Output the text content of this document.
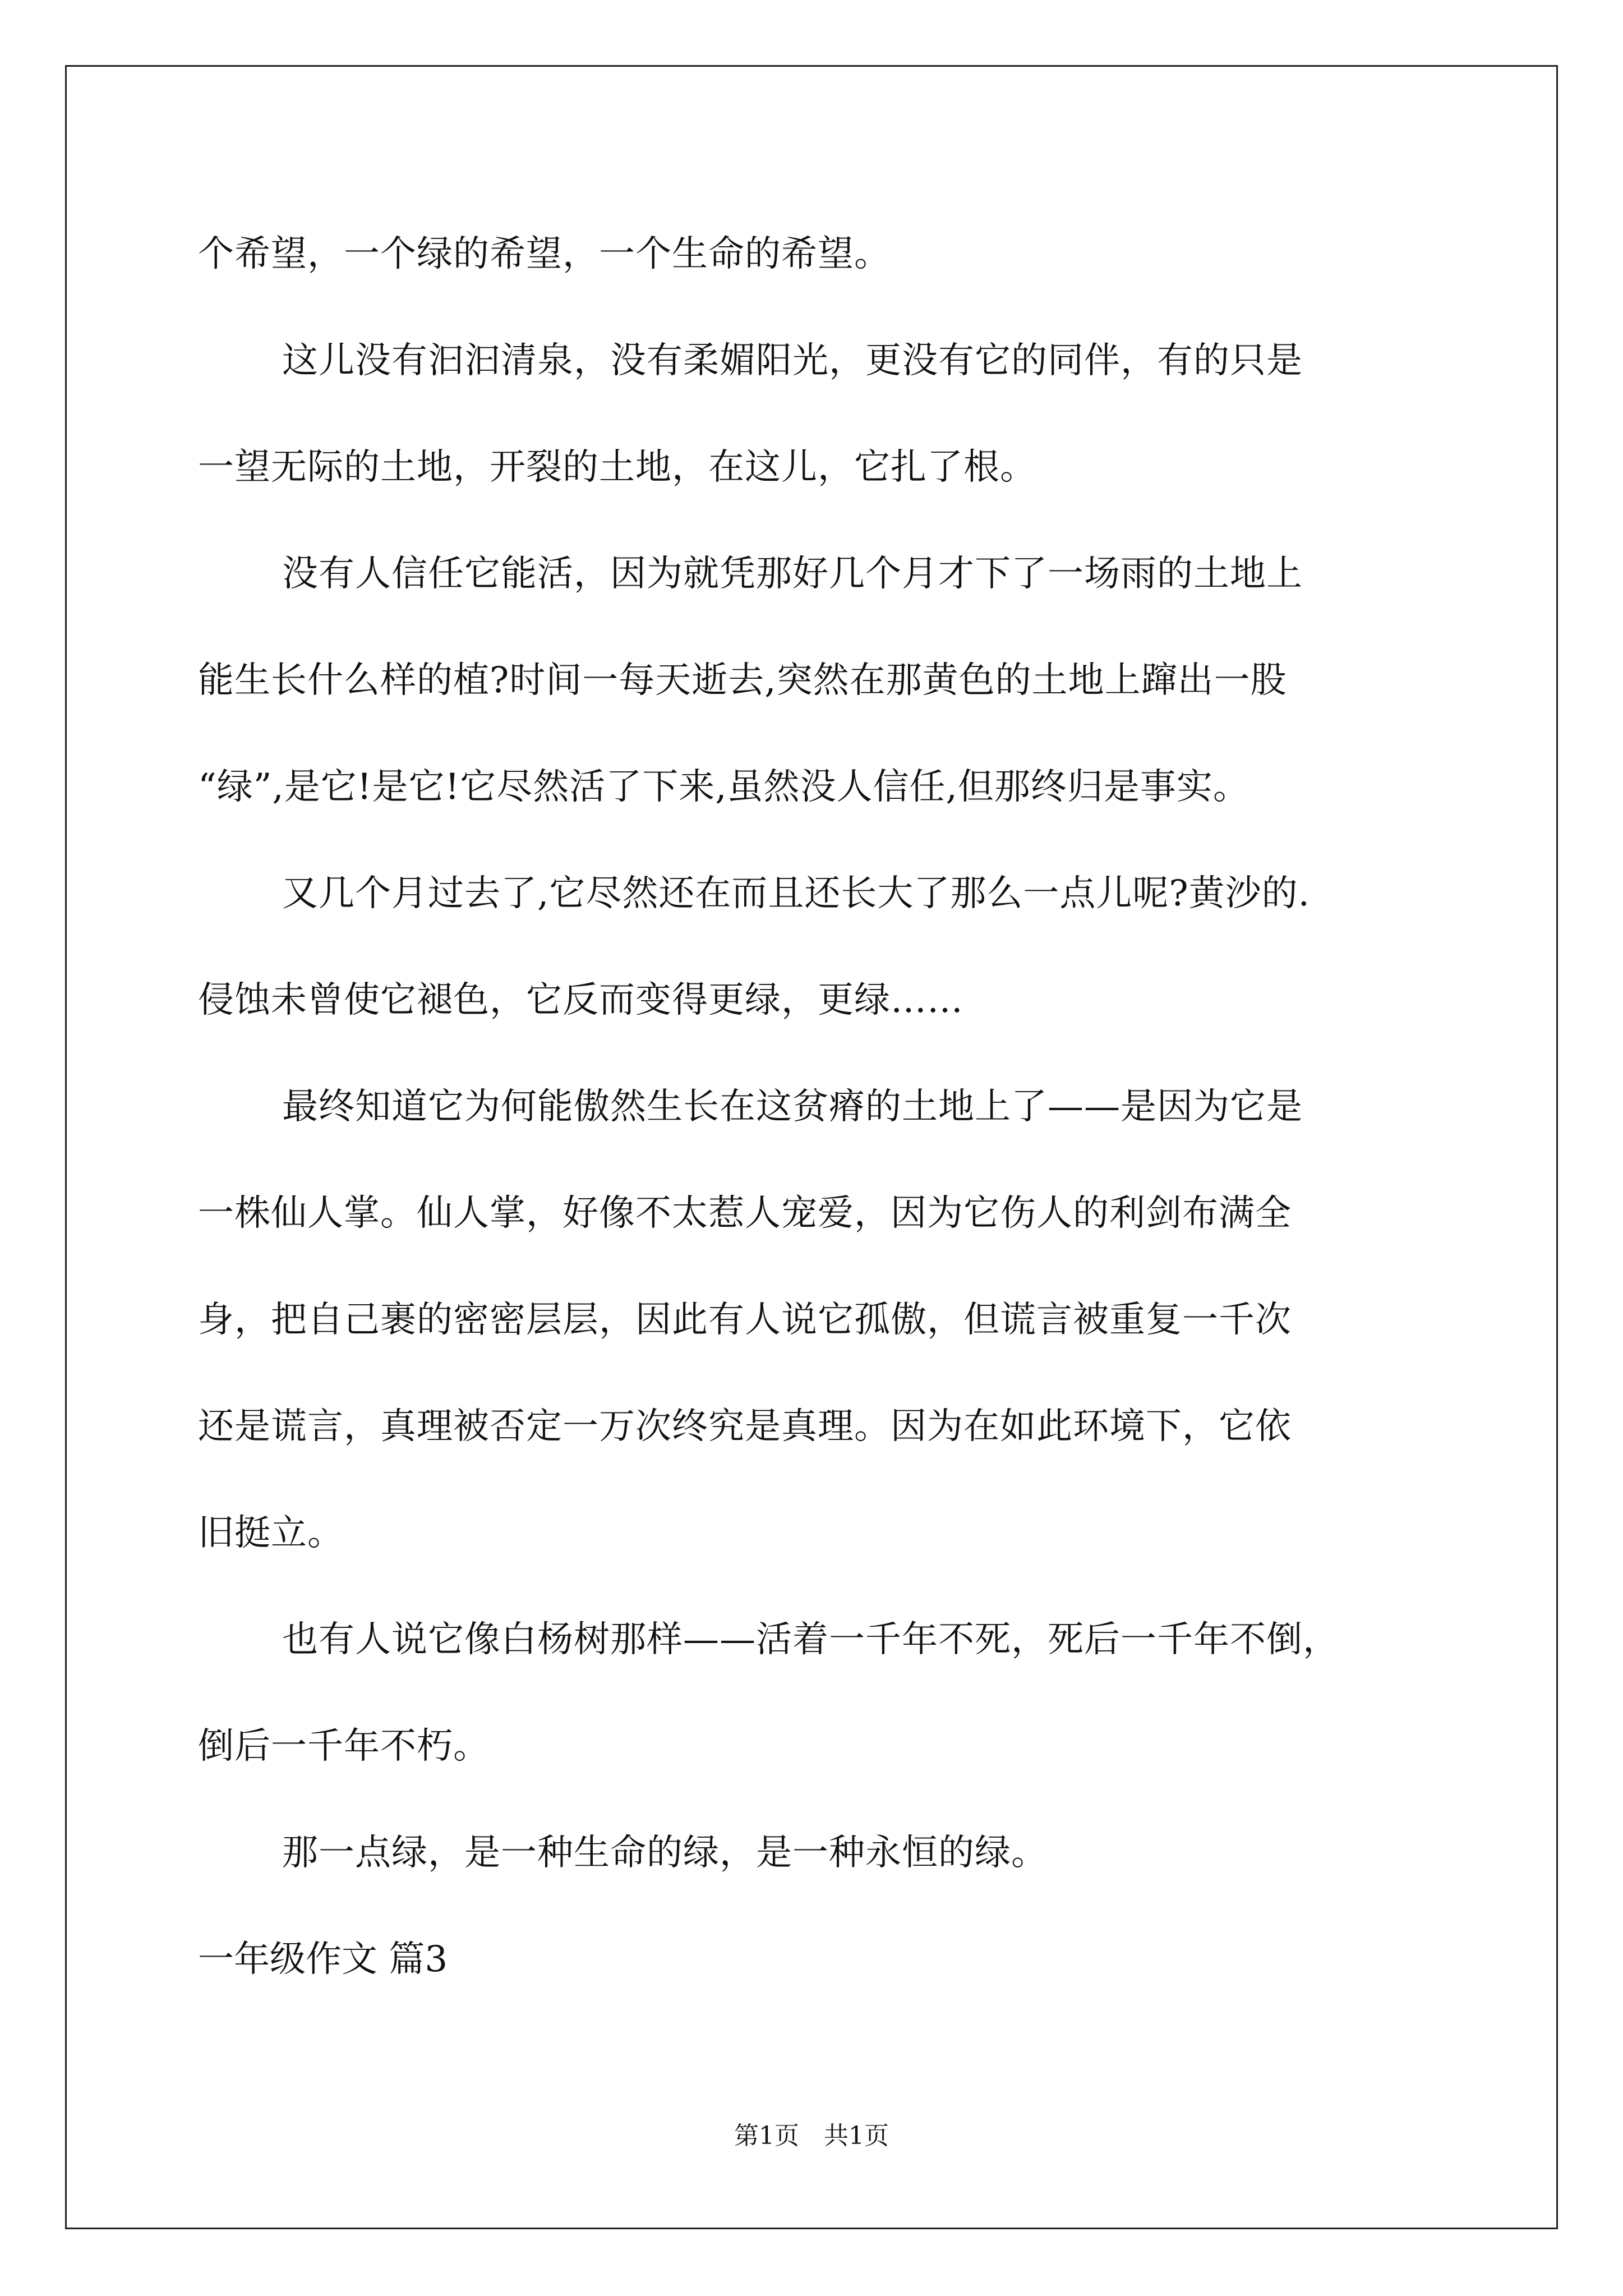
个希望，一个绿的希望，一个生命的希望。
这儿没有汩汩清泉，没有柔媚阳光，更没有它的同伴，有的只是
一望无际的土地，开裂的土地，在这儿，它扎了根。
没有人信任它能活，因为就凭那好几个月才下了一场雨的土地上
能生长什么样的植?时间一每天逝去,突然在那黄色的土地上蹿出一股
“绿”,是它!是它!它尽然活了下来,虽然没人信任,但那终归是事实。
又几个月过去了,它尽然还在而且还长大了那么一点儿呢?黄沙的.
侵蚀未曾使它褪色，它反而变得更绿，更绿……
最终知道它为何能傲然生长在这贫瘠的土地上了——是因为它是
一株仙人掌。仙人掌，好像不太惹人宠爱，因为它伤人的利剑布满全
身，把自己裹的密密层层，因此有人说它孤傲，但谎言被重复一千次
还是谎言，真理被否定一万次终究是真理。因为在如此环境下，它依
旧挺立。
也有人说它像白杨树那样——活着一千年不死，死后一千年不倒，
倒后一千年不朽。
那一点绿，是一种生命的绿，是一种永恒的绿。
一年级作文 篇3
第1页　共1页
